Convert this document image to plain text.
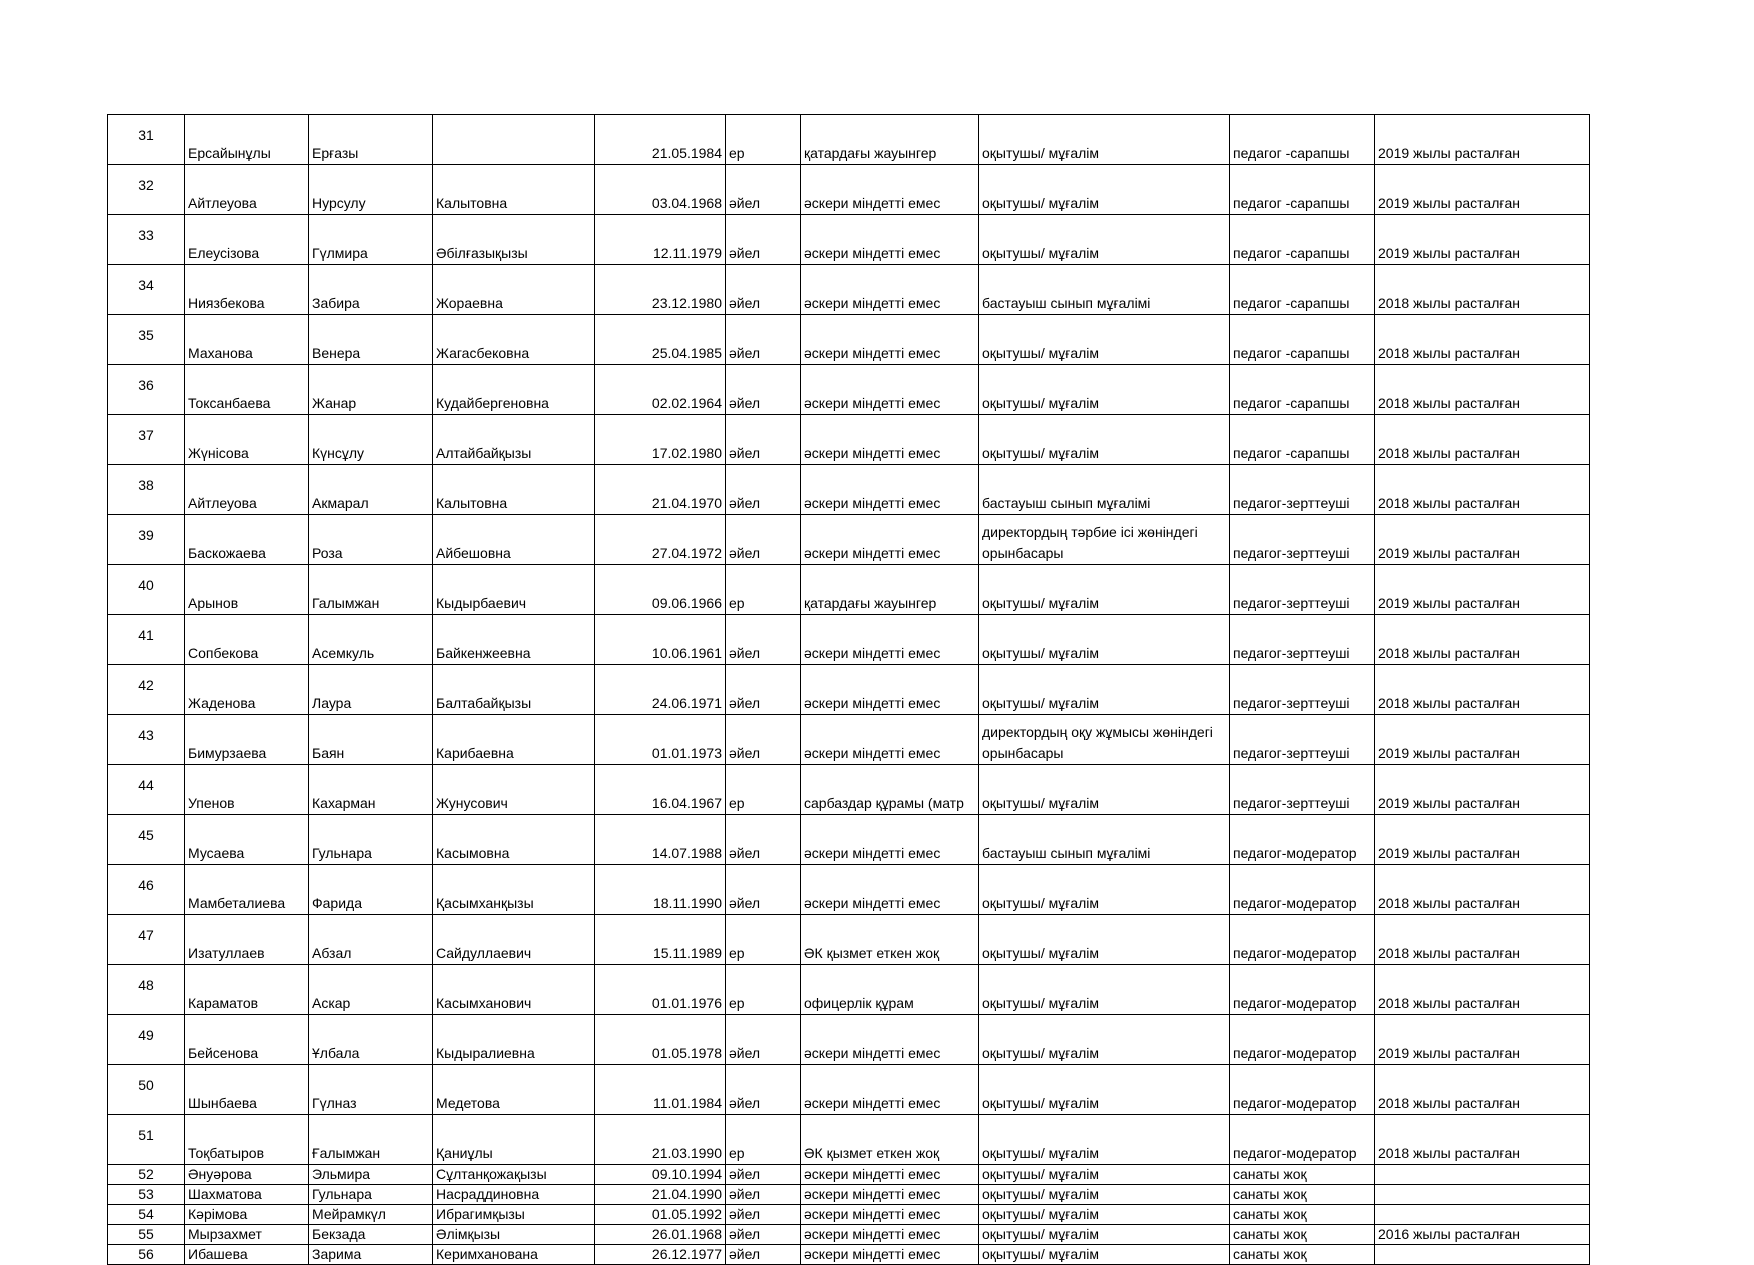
31	Ерсайынұлы	Ерғазы		21.05.1984	ер	қатардағы жауынгер	оқытушы/ мұғалім	педагог -сарапшы	2019 жылы расталған
32	Айтлеуова	Нурсулу	Калытовна	03.04.1968	әйел	әскери міндетті емес	оқытушы/ мұғалім	педагог -сарапшы	2019 жылы расталған
33	Елеусізова	Гүлмира	Әбілғазықызы	12.11.1979	әйел	әскери міндетті емес	оқытушы/ мұғалім	педагог -сарапшы	2019 жылы расталған
34	Ниязбекова	Забира	Жораевна	23.12.1980	әйел	әскери міндетті емес	бастауыш сынып мұғалімі	педагог -сарапшы	2018 жылы расталған
35	Маханова	Венера	Жагасбековна	25.04.1985	әйел	әскери міндетті емес	оқытушы/ мұғалім	педагог -сарапшы	2018 жылы расталған
36	Токсанбаева	Жанар	Кудайбергеновна	02.02.1964	әйел	әскери міндетті емес	оқытушы/ мұғалім	педагог -сарапшы	2018 жылы расталған
37	Жүнісова	Күнсұлу	Алтайбайқызы	17.02.1980	әйел	әскери міндетті емес	оқытушы/ мұғалім	педагог -сарапшы	2018 жылы расталған
38	Айтлеуова	Акмарал	Калытовна	21.04.1970	әйел	әскери міндетті емес	бастауыш сынып мұғалімі	педагог-зерттеуші	2018 жылы расталған
39	Баскожаева	Роза	Айбешовна	27.04.1972	әйел	әскери міндетті емес	директордың тәрбие ісі жөніндегі орынбасары	педагог-зерттеуші	2019 жылы расталған
40	Арынов	Галымжан	Кыдырбаевич	09.06.1966	ер	қатардағы жауынгер	оқытушы/ мұғалім	педагог-зерттеуші	2019 жылы расталған
41	Сопбекова	Асемкуль	Байкенжеевна	10.06.1961	әйел	әскери міндетті емес	оқытушы/ мұғалім	педагог-зерттеуші	2018 жылы расталған
42	Жаденова	Лаура	Балтабайқызы	24.06.1971	әйел	әскери міндетті емес	оқытушы/ мұғалім	педагог-зерттеуші	2018 жылы расталған
43	Бимурзаева	Баян	Карибаевна	01.01.1973	әйел	әскери міндетті емес	директордың оқу жұмысы жөніндегі орынбасары	педагог-зерттеуші	2019 жылы расталған
44	Упенов	Кахарман	Жунусович	16.04.1967	ер	сарбаздар құрамы (матр	оқытушы/ мұғалім	педагог-зерттеуші	2019 жылы расталған
45	Мусаева	Гульнара	Касымовна	14.07.1988	әйел	әскери міндетті емес	бастауыш сынып мұғалімі	педагог-модератор	2019 жылы расталған
46	Мамбеталиева	Фарида	Қасымханқызы	18.11.1990	әйел	әскери міндетті емес	оқытушы/ мұғалім	педагог-модератор	2018 жылы расталған
47	Изатуллаев	Абзал	Сайдуллаевич	15.11.1989	ер	ӘК қызмет еткен жоқ	оқытушы/ мұғалім	педагог-модератор	2018 жылы расталған
48	Караматов	Аскар	Касымханович	01.01.1976	ер	офицерлік құрам	оқытушы/ мұғалім	педагог-модератор	2018 жылы расталған
49	Бейсенова	Ұлбала	Кыдыралиевна	01.05.1978	әйел	әскери міндетті емес	оқытушы/ мұғалім	педагог-модератор	2019 жылы расталған
50	Шынбаева	Гүлназ	Медетова	11.01.1984	әйел	әскери міндетті емес	оқытушы/ мұғалім	педагог-модератор	2018 жылы расталған
51	Тоқбатыров	Ғалымжан	Қаниұлы	21.03.1990	ер	ӘК қызмет еткен жоқ	оқытушы/ мұғалім	педагог-модератор	2018 жылы расталған
52	Әнуәрова	Эльмира	Сұлтанқожақызы	09.10.1994	әйел	әскери міндетті емес	оқытушы/ мұғалім	санаты жоқ	
53	Шахматова	Гульнара	Насраддиновна	21.04.1990	әйел	әскери міндетті емес	оқытушы/ мұғалім	санаты жоқ	
54	Кәрімова	Мейрамкүл	Ибрагимқызы	01.05.1992	әйел	әскери міндетті емес	оқытушы/ мұғалім	санаты жоқ	
55	Мырзахмет	Бекзада	Әлімқызы	26.01.1968	әйел	әскери міндетті емес	оқытушы/ мұғалім	санаты жоқ	2016 жылы расталған
56	Ибашева	Зарима	Керимханована	26.12.1977	әйел	әскери міндетті емес	оқытушы/ мұғалім	санаты жоқ	
